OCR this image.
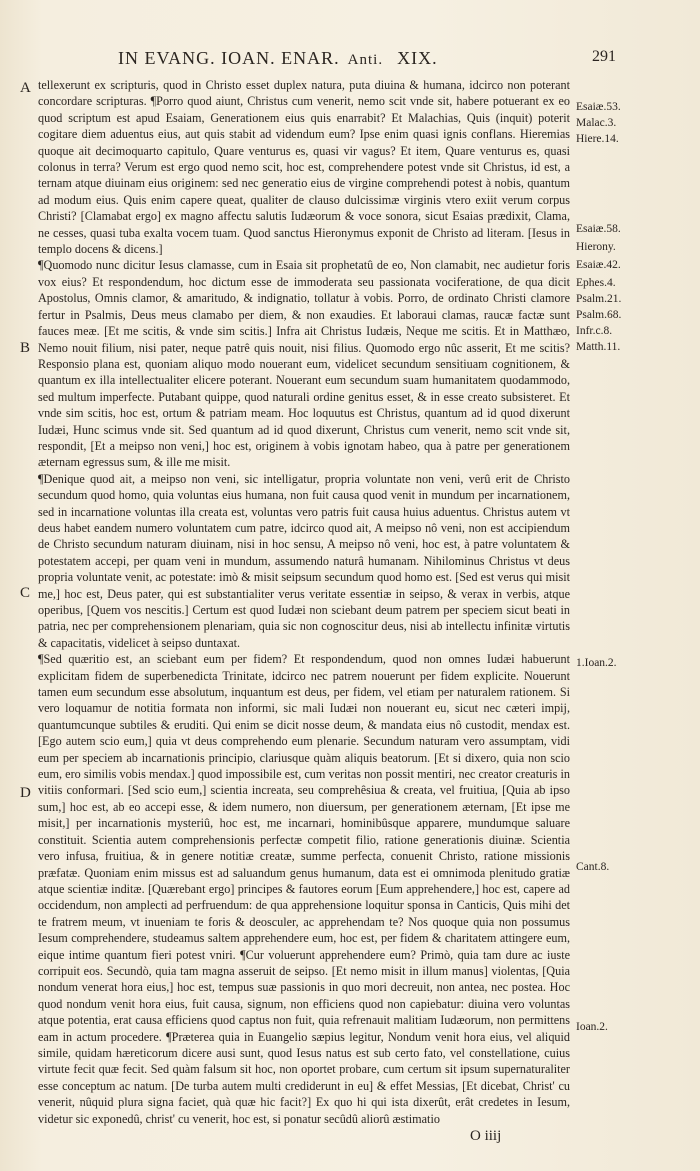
IN EVANG. IOAN. ENAR. Anti. XIX.	291
A
B
C
D

tellexerunt ex scripturis, quod in Christo esset duplex natura, puta diuina & humana, idcirco non poterant concordare scripturas. ¶Porro quod aiunt, Christus cum venerit, nemo scit vnde sit, habere potuerant ex eo quod scriptum est apud Esaiam, Generationem eius quis enarrabit? Et Malachias, Quis (inquit) poterit cogitare diem aduentus eius, aut quis stabit ad videndum eum? Ipse enim quasi ignis conflans. Hieremias quoque ait decimoquarto capitulo, Quare venturus es, quasi vir vagus? Et item, Quare venturus es, quasi colonus in terra? Verum est ergo quod nemo scit, hoc est, comprehendere potest vnde sit Christus, id est, a ternam atque diuinam eius originem: sed nec generatio eius de virgine comprehendi potest à nobis, quantum ad modum eius. Quis enim capere queat, qualiter de clauso dulcissimæ virginis vtero exiit verum corpus Christi? [Clamabat ergo] ex magno affectu salutis Iudæorum & voce sonora, sicut Esaias prædixit, Clama, ne cesses, quasi tuba exalta vocem tuam. Quod sanctus Hieronymus exponit de Christo ad literam. [Iesus in templo docens & dicens.]

¶Quomodo nunc dicitur Iesus clamasse, cum in Esaia sit prophetatû de eo, Non clamabit, nec audietur foris vox eius? Et respondendum, hoc dictum esse de immoderata seu passionata vociferatione, de qua dicit Apostolus, Omnis clamor, & amaritudo, & indignatio, tollatur à vobis. Porro, de ordinato Christi clamore fertur in Psalmis, Deus meus clamabo per diem, & non exaudies. Et laboraui clamas, raucæ factæ sunt fauces meæ. [Et me scitis, & vnde sim scitis.] Infra ait Christus Iudæis, Neque me scitis. Et in Matthæo, Nemo nouit filium, nisi pater, neque patrê quis nouit, nisi filius. Quomodo ergo nûc asserit, Et me scitis? Responsio plana est, quoniam aliquo modo nouerant eum, videlicet secundum sensitiuam cognitionem, & quantum ex illa intellectualiter elicere poterant. Nouerant eum secundum suam humanitatem quodammodo, sed multum imperfecte. Putabant quippe, quod naturali ordine genitus esset, & in esse creato subsisteret. Et vnde sim scitis, hoc est, ortum & patriam meam. Hoc loquutus est Christus, quantum ad id quod dixerunt Iudæi, Hunc scimus vnde sit. Sed quantum ad id quod dixerunt, Christus cum venerit, nemo scit vnde sit, respondit, [Et a meipso non veni,] hoc est, originem à vobis ignotam habeo, qua à patre per generationem æternam egressus sum, & ille me misit.

¶Denique quod ait, a meipso non veni, sic intelligatur, propria voluntate non veni, verû erit de Christo secundum quod homo, quia voluntas eius humana, non fuit causa quod venit in mundum per incarnationem, sed in incarnatione voluntas illa creata est, voluntas vero patris fuit causa huius aduentus. Christus autem vt deus habet eandem numero voluntatem cum patre, idcirco quod ait, A meipso nô veni, non est accipiendum de Christo secundum naturam diuinam, nisi in hoc sensu, A meipso nô veni, hoc est, à patre voluntatem & potestatem accepi, per quam veni in mundum, assumendo naturâ humanam. Nihilominus Christus vt deus propria voluntate venit, ac potestate: imò & misit seipsum secundum quod homo est. [Sed est verus qui misit me,] hoc est, Deus pater, qui est substantialiter verus veritate essentiæ in seipso, & verax in verbis, atque operibus, [Quem vos nescitis.] Certum est quod Iudæi non sciebant deum patrem per speciem sicut beati in patria, nec per comprehensionem plenariam, quia sic non cognoscitur deus, nisi ab intellectu infinitæ virtutis & capacitatis, videlicet à seipso duntaxat.

¶Sed quæritio est, an sciebant eum per fidem? Et respondendum, quod non omnes Iudæi habuerunt explicitam fidem de superbenedicta Trinitate, idcirco nec patrem nouerunt per fidem explicite. Nouerunt tamen eum secundum esse absolutum, inquantum est deus, per fidem, vel etiam per naturalem rationem. Si vero loquamur de notitia formata non informi, sic mali Iudæi non nouerant eu, sicut nec cæteri impij, quantumcunque subtiles & eruditi. Qui enim se dicit nosse deum, & mandata eius nô custodit, mendax est. [Ego autem scio eum,] quia vt deus comprehendo eum plenarie. Secundum naturam vero assumptam, vidi eum per speciem ab incarnationis principio, clariusque quàm aliquis beatorum. [Et si dixero, quia non scio eum, ero similis vobis mendax.] quod impossibile est, cum veritas non possit mentiri, nec creator creaturis in vitiis conformari. [Sed scio eum,] scientia increata, seu comprehêsiua & creata, vel fruitiua, [Quia ab ipso sum,] hoc est, ab eo accepi esse, & idem numero, non diuersum, per generationem æternam, [Et ipse me misit,] per incarnationis mysteriû, hoc est, me incarnari, hominibûsque apparere, mundumque saluare constituit. Scientia autem comprehensionis perfectæ competit filio, ratione generationis diuinæ. Scientia vero infusa, fruitiua, & in genere notitiæ creatæ, summe perfecta, conuenit Christo, ratione missionis præfatæ. Quoniam enim missus est ad saluandum genus humanum, data est ei omnimoda plenitudo gratiæ atque scientiæ inditæ. [Quærebant ergo] principes & fautores eorum [Eum apprehendere,] hoc est, capere ad occidendum, non amplecti ad perfruendum: de qua apprehensione loquitur sponsa in Canticis, Quis mihi det te fratrem meum, vt inueniam te foris & deosculer, ac apprehendam te? Nos quoque quia non possumus Iesum comprehendere, studeamus saltem apprehendere eum, hoc est, per fidem & charitatem attingere eum, eique intime quantum fieri potest vniri. ¶Cur voluerunt apprehendere eum? Primò, quia tam dure ac iuste corripuit eos. Secundò, quia tam magna asseruit de seipso. [Et nemo misit in illum manus] violentas, [Quia nondum venerat hora eius,] hoc est, tempus suæ passionis in quo mori decreuit, non antea, nec postea. Hoc quod nondum venit hora eius, fuit causa, signum, non efficiens quod non capiebatur: diuina vero voluntas atque potentia, erat causa efficiens quod captus non fuit, quia refrenauit malitiam Iudæorum, non permittens eam in actum procedere. ¶Præterea quia in Euangelio sæpius legitur, Nondum venit hora eius, vel aliquid simile, quidam hæreticorum dicere ausi sunt, quod Iesus natus est sub certo fato, vel constellatione, cuius virtute fecit quæ fecit. Sed quàm falsum sit hoc, non oportet probare, cum certum sit ipsum supernaturaliter esse conceptum ac natum. [De turba autem multi crediderunt in eu] & effet Messias, [Et dicebat, Christ' cu venerit, nûquid plura signa faciet, quà quæ hic facit?] Ex quo hi qui ista dixerût, erât credetes in Iesum, videtur sic exponedû, christ' cu venerit, hoc est, si ponatur secûdû aliorû æstimatio

Esaiæ.53.
Malac.3.
Hiere.14.
Esaiæ.58.
Hierony.
Esaiæ.42.
Ephes.4.
Psalm.21.
Psalm.68.
Infr.c.8.
Matth.11.
1.Ioan.2.
Cant.8.
Ioan.2.
O iiij
